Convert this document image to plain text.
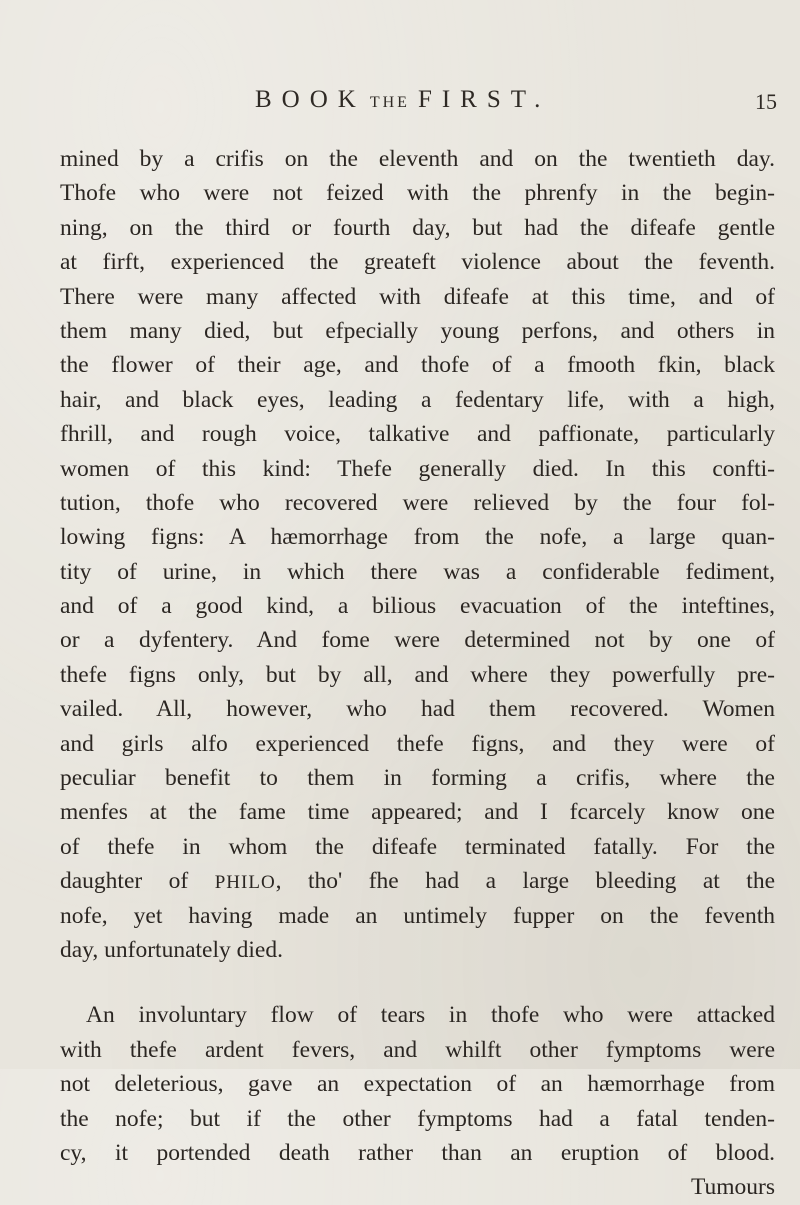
BOOK THE FIRST.	15
mined by a crifis on the eleventh and on the twentieth day.
Thofe who were not feized with the phrenfy in the begin-
ning, on the third or fourth day, but had the difeafe gentle
at firft, experienced the greateft violence about the feventh.
There were many affected with difeafe at this time, and of
them many died, but efpecially young perfons, and others in
the flower of their age, and thofe of a fmooth fkin, black
hair, and black eyes, leading a fedentary life, with a high,
fhrill, and rough voice, talkative and paffionate, particularly
women of this kind: Thefe generally died. In this confti-
tution, thofe who recovered were relieved by the four fol-
lowing figns: A hæmorrhage from the nofe, a large quan-
tity of urine, in which there was a confiderable fediment,
and of a good kind, a bilious evacuation of the inteftines,
or a dyfentery. And fome were determined not by one of
thefe figns only, but by all, and where they powerfully pre-
vailed. All, however, who had them recovered. Women
and girls alfo experienced thefe figns, and they were of
peculiar benefit to them in forming a crifis, where the
menfes at the fame time appeared; and I fcarcely know one
of thefe in whom the difeafe terminated fatally. For the
daughter of PHILO, tho' fhe had a large bleeding at the
nofe, yet having made an untimely fupper on the feventh
day, unfortunately died.
An involuntary flow of tears in thofe who were attacked
with thefe ardent fevers, and whilft other fymptoms were
not deleterious, gave an expectation of an hæmorrhage from
the nofe; but if the other fymptoms had a fatal tenden-
cy, it portended death rather than an eruption of blood.
Tumours
